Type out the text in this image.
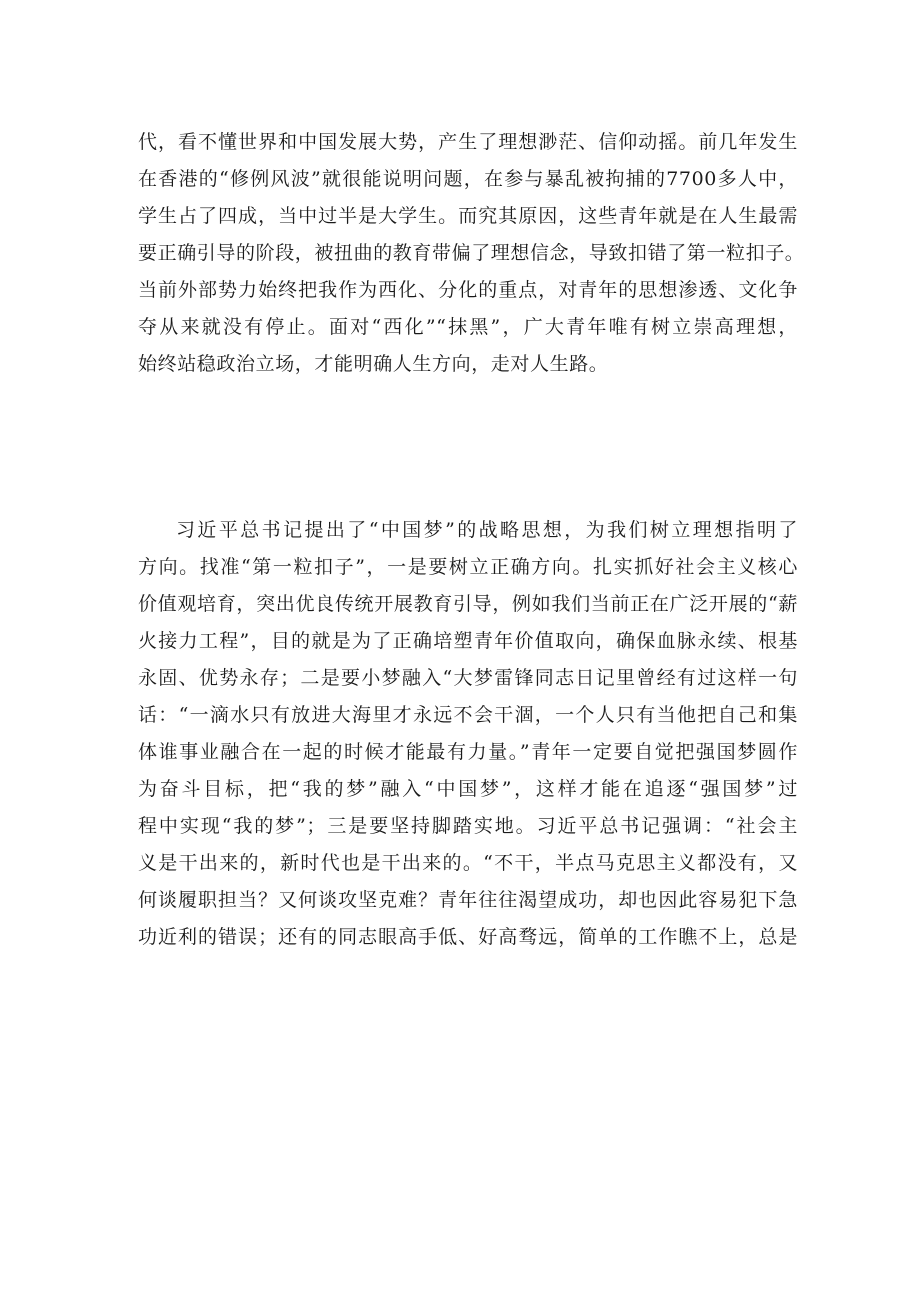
代，看不懂世界和中国发展大势，产生了理想渺茫、信仰动摇。前几年发生
在香港的“修例风波”就很能说明问题，在参与暴乱被拘捕的7700多人中，
学生占了四成，当中过半是大学生。而究其原因，这些青年就是在人生最需
要正确引导的阶段，被扭曲的教育带偏了理想信念，导致扣错了第一粒扣子。
当前外部势力始终把我作为西化、分化的重点，对青年的思想渗透、文化争
夺从来就没有停止。面对“西化”“抹黑”，广大青年唯有树立崇高理想，
始终站稳政治立场，才能明确人生方向，走对人生路。
习近平总书记提出了“中国梦”的战略思想，为我们树立理想指明了
方向。找准“第一粒扣子”，一是要树立正确方向。扎实抓好社会主义核心
价值观培育，突出优良传统开展教育引导，例如我们当前正在广泛开展的“薪
火接力工程”，目的就是为了正确培塑青年价值取向，确保血脉永续、根基
永固、优势永存；二是要小梦融入“大梦雷锋同志日记里曾经有过这样一句
话：“一滴水只有放进大海里才永远不会干涸，一个人只有当他把自己和集
体谁事业融合在一起的时候才能最有力量。”青年一定要自觉把强国梦圆作
为奋斗目标，把“我的梦”融入“中国梦”，这样才能在追逐“强国梦”过
程中实现“我的梦”；三是要坚持脚踏实地。习近平总书记强调：“社会主
义是干出来的，新时代也是干出来的。“不干，半点马克思主义都没有，又
何谈履职担当？又何谈攻坚克难？青年往往渴望成功，却也因此容易犯下急
功近利的错误；还有的同志眼高手低、好高骛远，简单的工作瞧不上，总是
